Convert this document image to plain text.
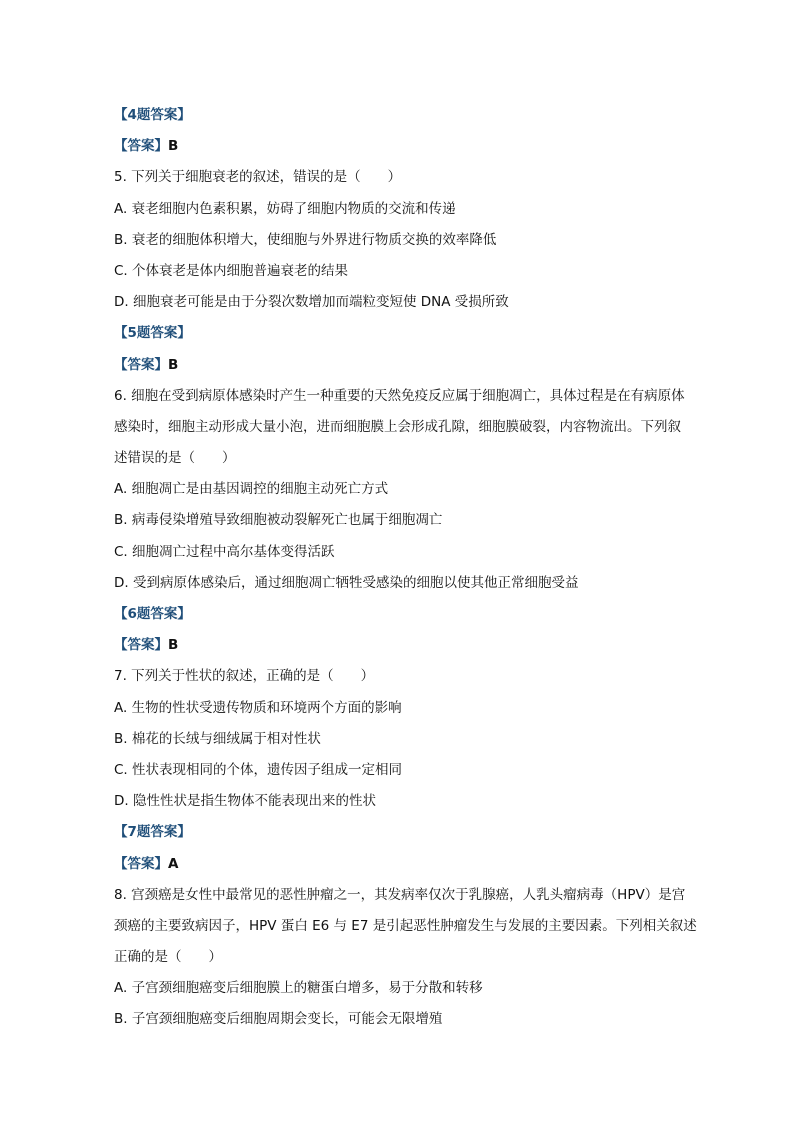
【4题答案】
【答案】B
5. 下列关于细胞衰老的叙述，错误的是（　　）
A. 衰老细胞内色素积累，妨碍了细胞内物质的交流和传递
B. 衰老的细胞体积增大，使细胞与外界进行物质交换的效率降低
C. 个体衰老是体内细胞普遍衰老的结果
D. 细胞衰老可能是由于分裂次数增加而端粒变短使 DNA 受损所致
【5题答案】
【答案】B
6. 细胞在受到病原体感染时产生一种重要的天然免疫反应属于细胞凋亡，具体过程是在有病原体
感染时，细胞主动形成大量小泡，进而细胞膜上会形成孔隙，细胞膜破裂，内容物流出。下列叙
述错误的是（　　）
A. 细胞凋亡是由基因调控的细胞主动死亡方式
B. 病毒侵染增殖导致细胞被动裂解死亡也属于细胞凋亡
C. 细胞凋亡过程中高尔基体变得活跃
D. 受到病原体感染后，通过细胞凋亡牺牲受感染的细胞以使其他正常细胞受益
【6题答案】
【答案】B
7. 下列关于性状的叙述，正确的是（　　）
A. 生物的性状受遗传物质和环境两个方面的影响
B. 棉花的长绒与细绒属于相对性状
C. 性状表现相同的个体，遗传因子组成一定相同
D. 隐性性状是指生物体不能表现出来的性状
【7题答案】
【答案】A
8. 宫颈癌是女性中最常见的恶性肿瘤之一，其发病率仅次于乳腺癌，人乳头瘤病毒（HPV）是宫
颈癌的主要致病因子，HPV 蛋白 E6 与 E7 是引起恶性肿瘤发生与发展的主要因素。下列相关叙述
正确的是（　　）
A. 子宫颈细胞癌变后细胞膜上的糖蛋白增多，易于分散和转移
B. 子宫颈细胞癌变后细胞周期会变长，可能会无限增殖
